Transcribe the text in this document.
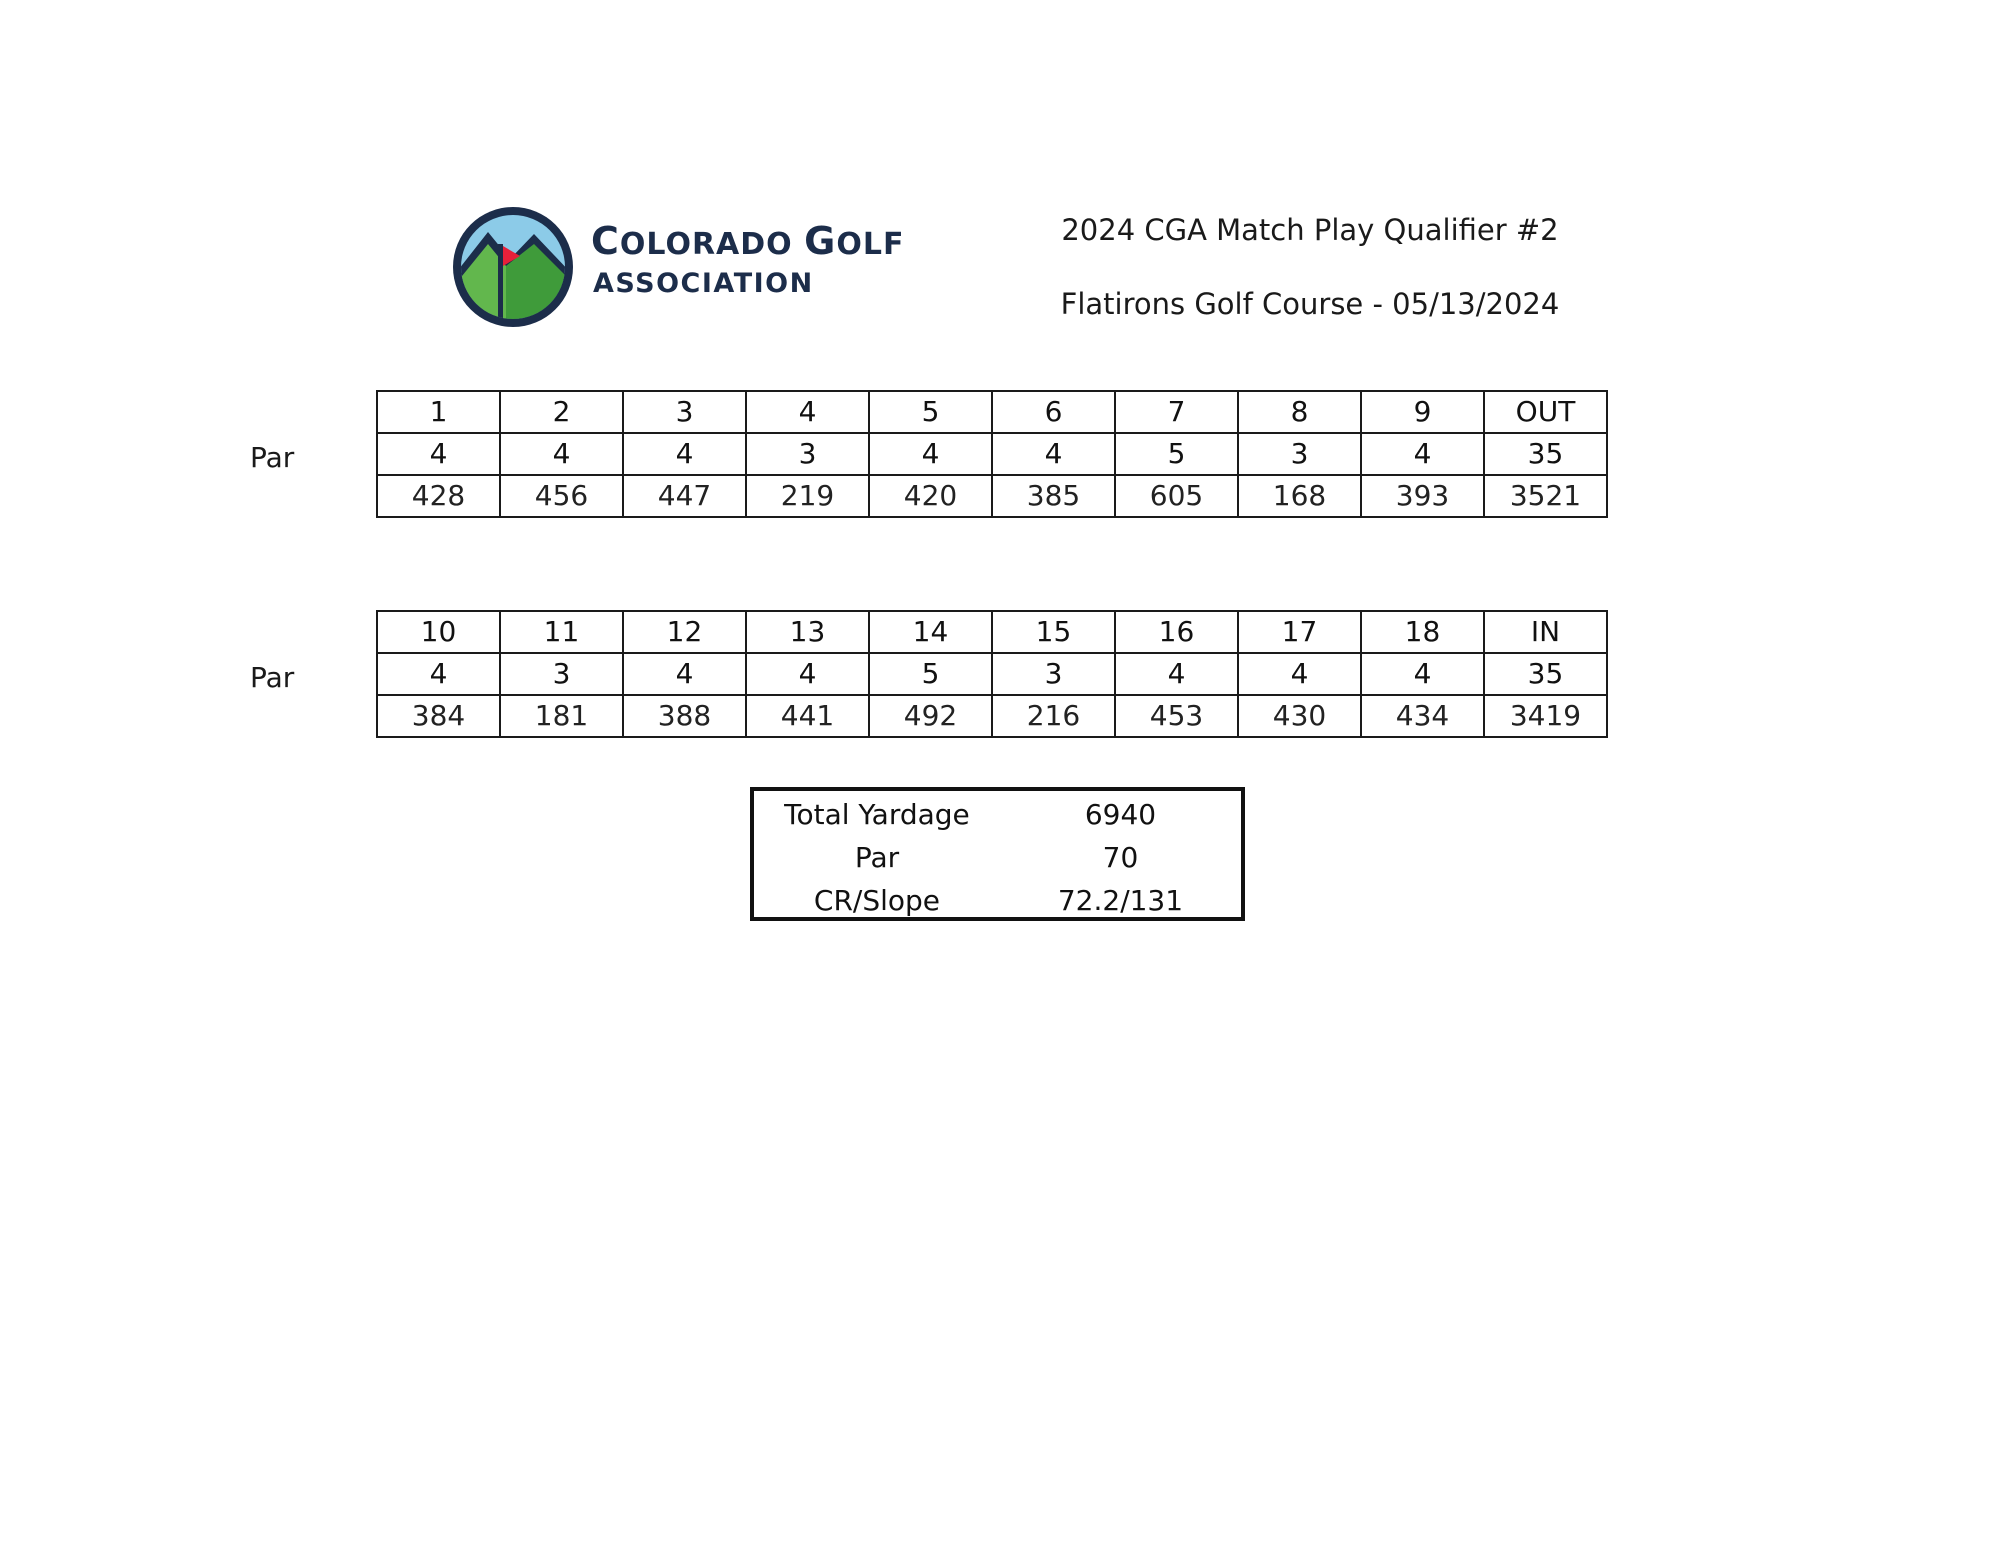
COLORADO GOLF
ASSOCIATION
2024 CGA Match Play Qualifier #2
Flatirons Golf Course - 05/13/2024
Par
1	2	3	4	5	6	7	8	9	OUT
4	4	4	3	4	4	5	3	4	35
428	456	447	219	420	385	605	168	393	3521
Par
10	11	12	13	14	15	16	17	18	IN
4	3	4	4	5	3	4	4	4	35
384	181	388	441	492	216	453	430	434	3419
Total Yardage	6940
Par	70
CR/Slope	72.2/131
